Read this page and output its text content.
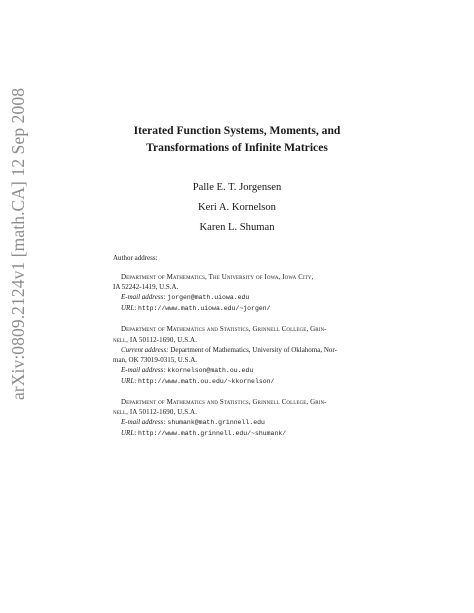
arXiv:0809.2124v1 [math.CA] 12 Sep 2008	Iterated Function Systems, Moments, and
Transformations of Infinite Matrices
Palle E. T. Jorgensen
Keri A. Kornelson
Karen L. Shuman
Author address:
Department of Mathematics, The University of Iowa, Iowa City,
IA 52242-1419, U.S.A.
E-mail address: jorgen@math.uiowa.edu
URL: http://www.math.uiowa.edu/~jorgen/
Department of Mathematics and Statistics, Grinnell College, Grin-
nell, IA 50112-1690, U.S.A.
Current address: Department of Mathematics, University of Oklahoma, Nor-
man, OK 73019-0315, U.S.A.
E-mail address: kkornelson@math.ou.edu
URL: http://www.math.ou.edu/~kkornelson/
Department of Mathematics and Statistics, Grinnell College, Grin-
nell, IA 50112-1690, U.S.A.
E-mail address: shumank@math.grinnell.edu
URL: http://www.math.grinnell.edu/~shumank/
